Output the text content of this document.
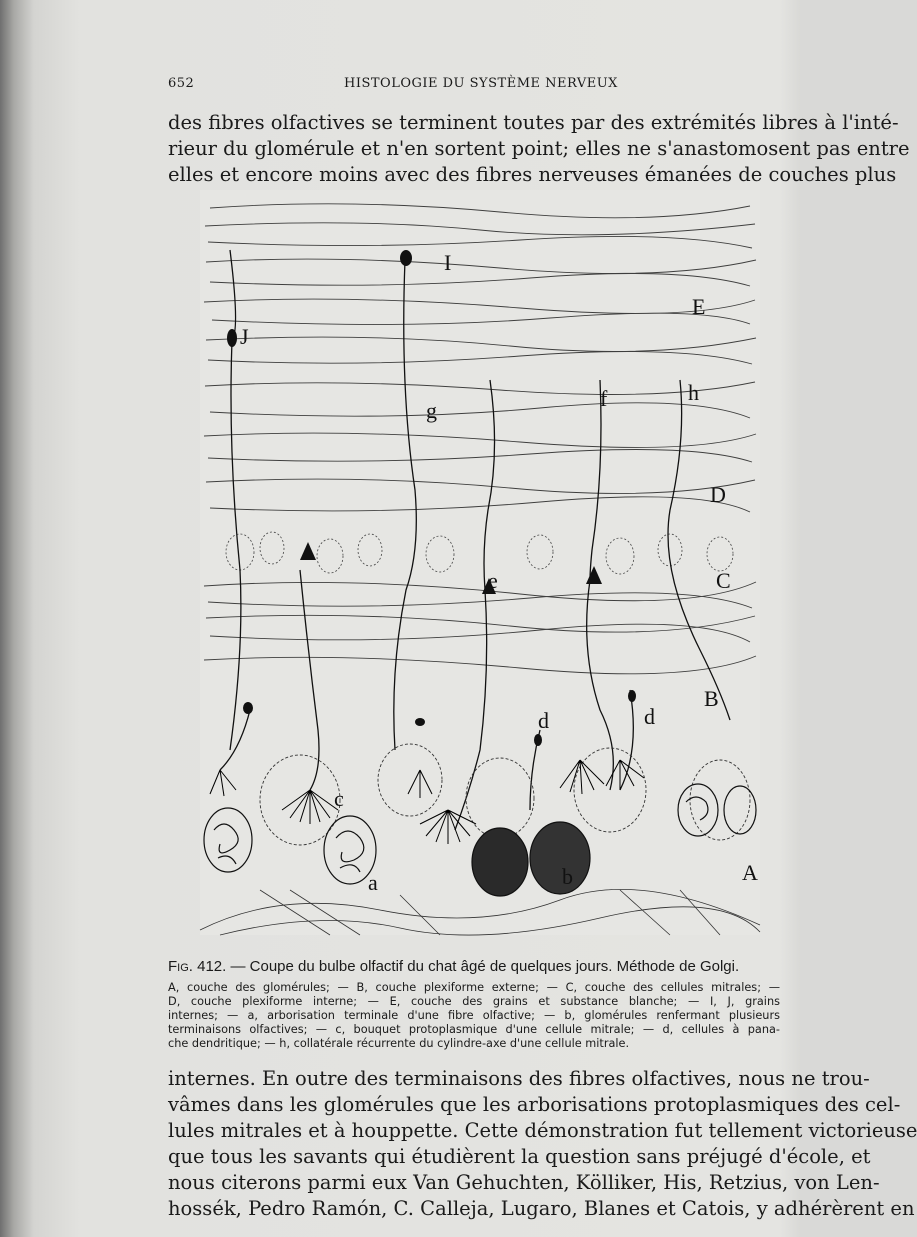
652	HISTOLOGIE DU SYSTÈME NERVEUX
des fibres olfactives se terminent toutes par des extrémités libres à l'inté-
rieur du glomérule et n'en sortent point; elles ne s'anastomosent pas entre
elles et encore moins avec des fibres nerveuses émanées de couches plus
I
E
J
g	f	h
D
e	C
B
d	d
c
a	b	A
Fig. 412. — Coupe du bulbe olfactif du chat âgé de quelques jours. Méthode de Golgi.
A, couche des glomérules; — B, couche plexiforme externe; — C, couche des cellules mitrales; —
D, couche plexiforme interne; — E, couche des grains et substance blanche; — I, J, grains
internes; — a, arborisation terminale d'une fibre olfactive; — b, glomérules renfermant plusieurs
terminaisons olfactives; — c, bouquet protoplasmique d'une cellule mitrale; — d, cellules à pana-
che dendritique; — h, collatérale récurrente du cylindre-axe d'une cellule mitrale.
internes. En outre des terminaisons des fibres olfactives, nous ne trou-
vâmes dans les glomérules que les arborisations protoplasmiques des cel-
lules mitrales et à houppette. Cette démonstration fut tellement victorieuse
que tous les savants qui étudièrent la question sans préjugé d'école, et
nous citerons parmi eux Van Gehuchten, Kölliker, His, Retzius, von Len-
hossék, Pedro Ramón, C. Calleja, Lugaro, Blanes et Catois, y adhérèrent en
